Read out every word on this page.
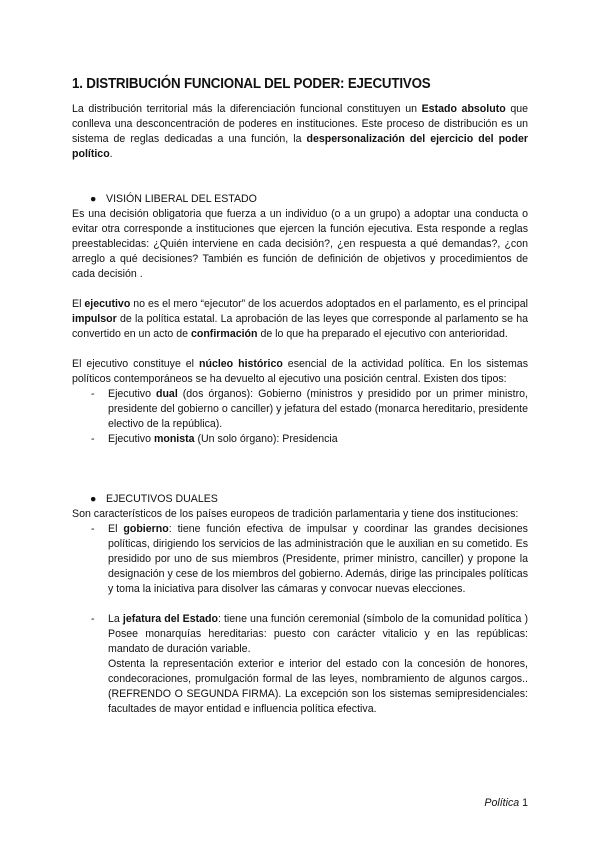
1. DISTRIBUCIÓN FUNCIONAL DEL PODER: EJECUTIVOS

La distribución territorial más la diferenciación funcional constituyen un Estado absoluto que conlleva una desconcentración de poderes en instituciones. Este proceso de distribución es un sistema de reglas dedicadas a una función, la despersonalización del ejercicio del poder político.

● VISIÓN LIBERAL DEL ESTADO

Es una decisión obligatoria que fuerza a un individuo (o a un grupo) a adoptar una conducta o evitar otra corresponde a instituciones que ejercen la función ejecutiva. Esta responde a reglas preestablecidas: ¿Quién interviene en cada decisión?, ¿en respuesta a qué demandas?, ¿con arreglo a qué decisiones? También es función de definición de objetivos y procedimientos de cada decisión .

El ejecutivo no es el mero “ejecutor” de los acuerdos adoptados en el parlamento, es el principal impulsor de la política estatal. La aprobación de las leyes que corresponde al parlamento se ha convertido en un acto de confirmación de lo que ha preparado el ejecutivo con anterioridad.

El ejecutivo constituye el núcleo histórico esencial de la actividad política. En los sistemas políticos contemporáneos se ha devuelto al ejecutivo una posición central. Existen dos tipos:

- Ejecutivo dual (dos órganos): Gobierno (ministros y presidido por un primer ministro, presidente del gobierno o canciller) y jefatura del estado (monarca hereditario, presidente electivo de la república).
- Ejecutivo monista (Un solo órgano): Presidencia
● EJECUTIVOS DUALES

Son característicos de los países europeos de tradición parlamentaria y tiene dos instituciones:

- El gobierno: tiene función efectiva de impulsar y coordinar las grandes decisiones políticas, dirigiendo los servicios de las administración que le auxilian en su cometido. Es presidido por uno de sus miembros (Presidente, primer ministro, canciller) y propone la designación y cese de los miembros del gobierno. Además, dirige las principales políticas y toma la iniciativa para disolver las cámaras y convocar nuevas elecciones.
- La jefatura del Estado: tiene una función ceremonial (símbolo de la comunidad política ) Posee monarquías hereditarias: puesto con carácter vitalicio y en las repúblicas: mandato de duración variable.
Ostenta la representación exterior e interior del estado con la concesión de honores, condecoraciones, promulgación formal de las leyes, nombramiento de algunos cargos.. (REFRENDO O SEGUNDA FIRMA). La excepción son los sistemas semipresidenciales: facultades de mayor entidad e influencia política efectiva.
Política 1
